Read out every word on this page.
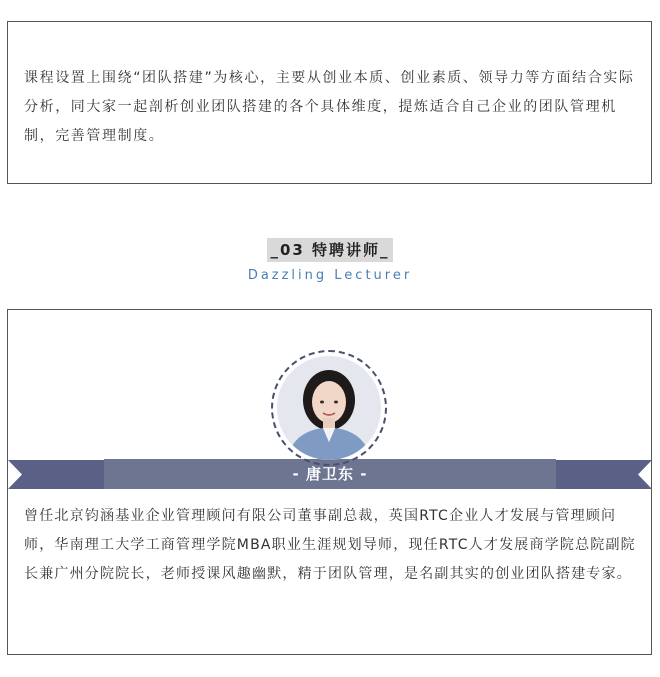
课程设置上围绕“团队搭建”为核心，主要从创业本质、创业素质、领导力等方面结合实际分析，同大家一起剖析创业团队搭建的各个具体维度，提炼适合自己企业的团队管理机制，完善管理制度。

_03 特聘讲师_
Dazzling Lecturer

曾任北京钧涵基业企业管理顾问有限公司董事副总裁，英国RTC企业人才发展与管理顾问师，华南理工大学工商管理学院MBA职业生涯规划导师，现任RTC人才发展商学院总院副院长兼广州分院院长，老师授课风趣幽默，精于团队管理，是名副其实的创业团队搭建专家。

- 唐卫东 -
